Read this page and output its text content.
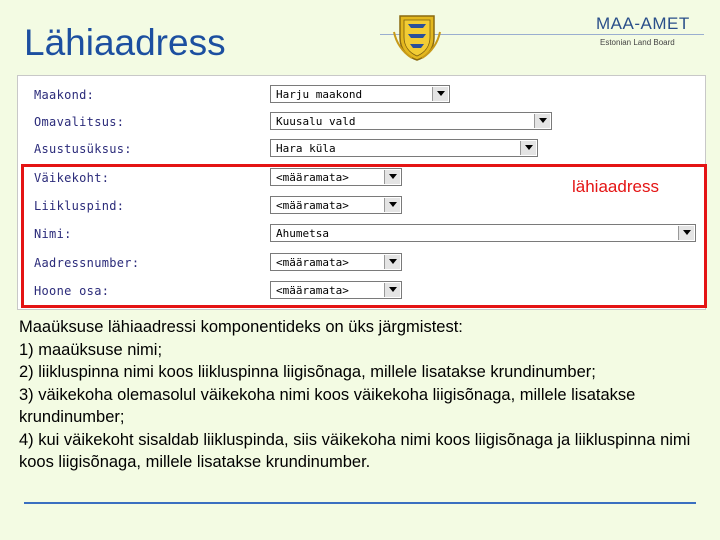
Lähiaadress	MAA-AMET
Estonian Land Board
Maakond:	Harju maakond
Omavalitsus:	Kuusalu vald
Asustusüksus:	Hara küla
Väikekoht:	<määramata>
Liikluspind:	<määramata>
Nimi:	Ahumetsa
Aadressnumber:	<määramata>
Hoone osa:	<määramata>
lähiaadress

Maaüksuse lähiaadressi komponentideks on üks järgmistest:

1) maaüksuse nimi;

2) liikluspinna nimi koos liikluspinna liigisõnaga, millele lisatakse krundinumber;

3) väikekoha olemasolul väikekoha nimi koos väikekoha liigisõnaga, millele lisatakse krundinumber;

4) kui väikekoht sisaldab liikluspinda, siis väikekoha nimi koos liigisõnaga ja liikluspinna nimi koos liigisõnaga, millele lisatakse krundinumber.
